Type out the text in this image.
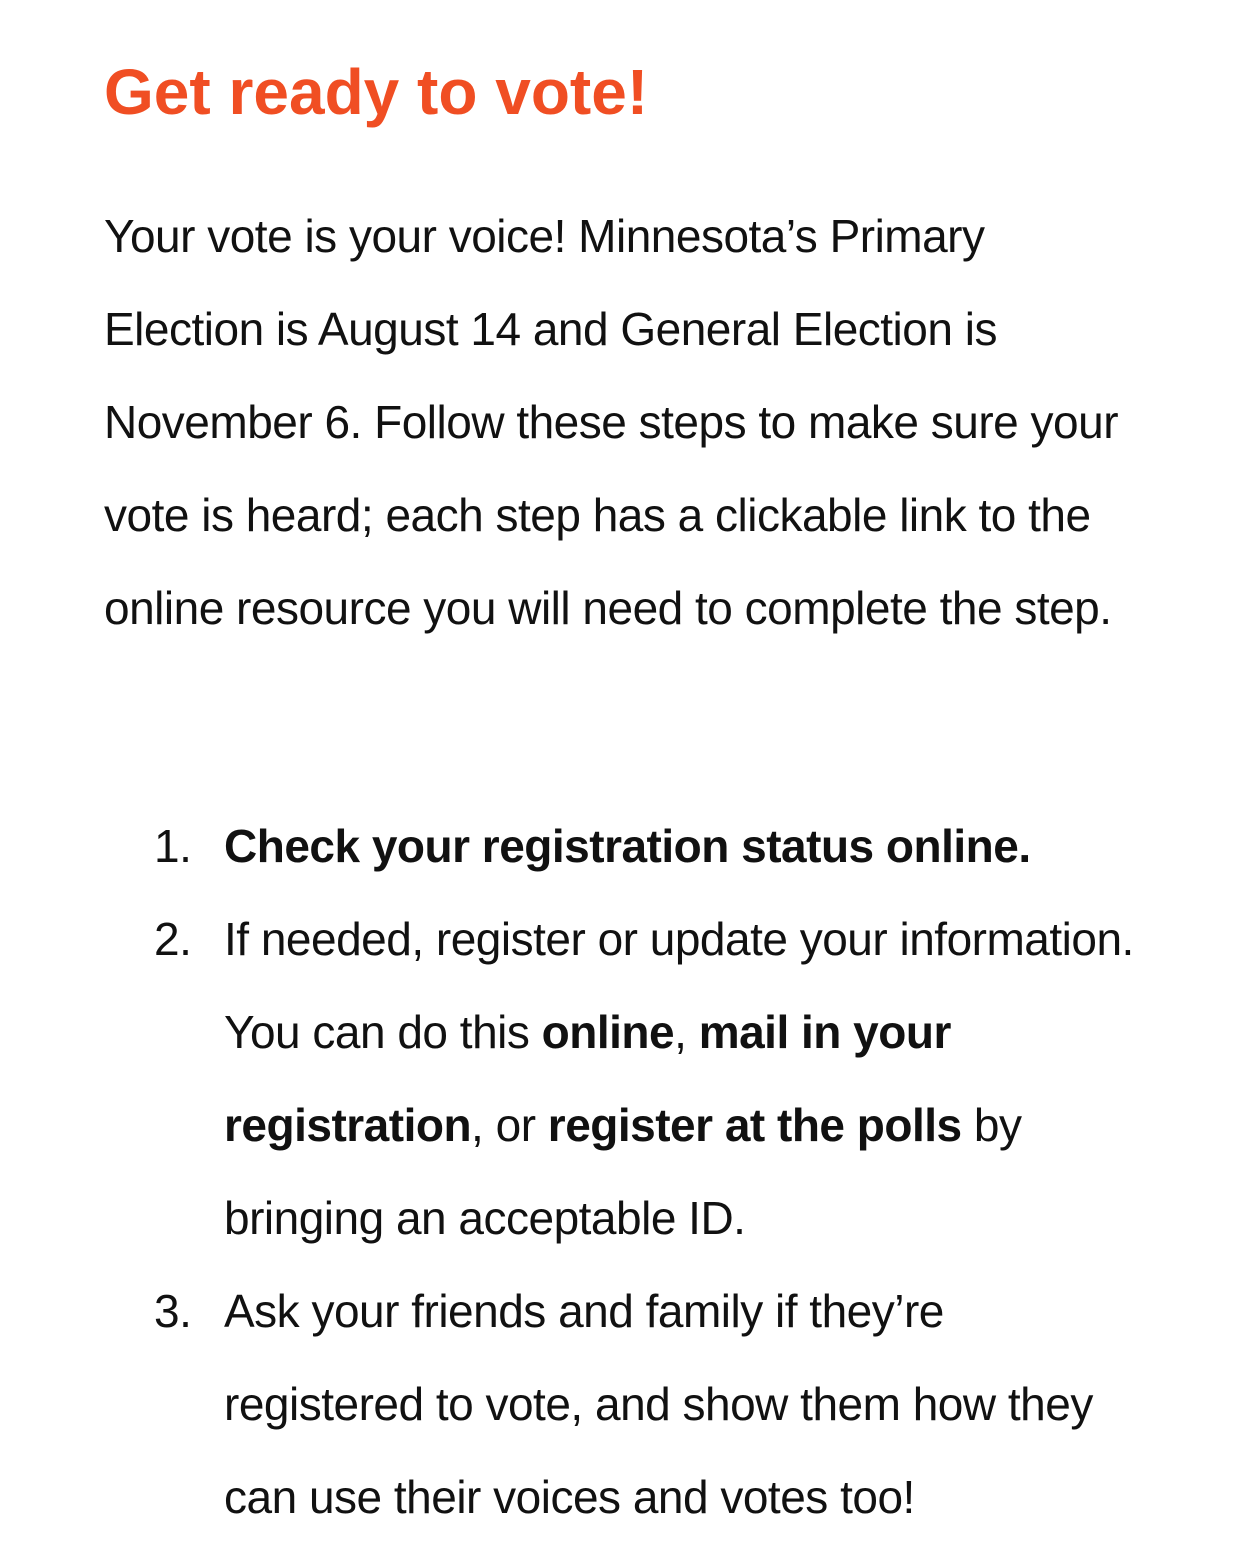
Get ready to vote!

Your vote is your voice! Minnesota’s Primary Election is August 14 and General Election is November 6. Follow these steps to make sure your vote is heard; each step has a clickable link to the online resource you will need to complete the step.

1. Check your registration status online.
2. If needed, register or update your information. You can do this online, mail in your registration, or register at the polls by bringing an acceptable ID.
3. Ask your friends and family if they’re registered to vote, and show them how they can use their voices and votes too!
